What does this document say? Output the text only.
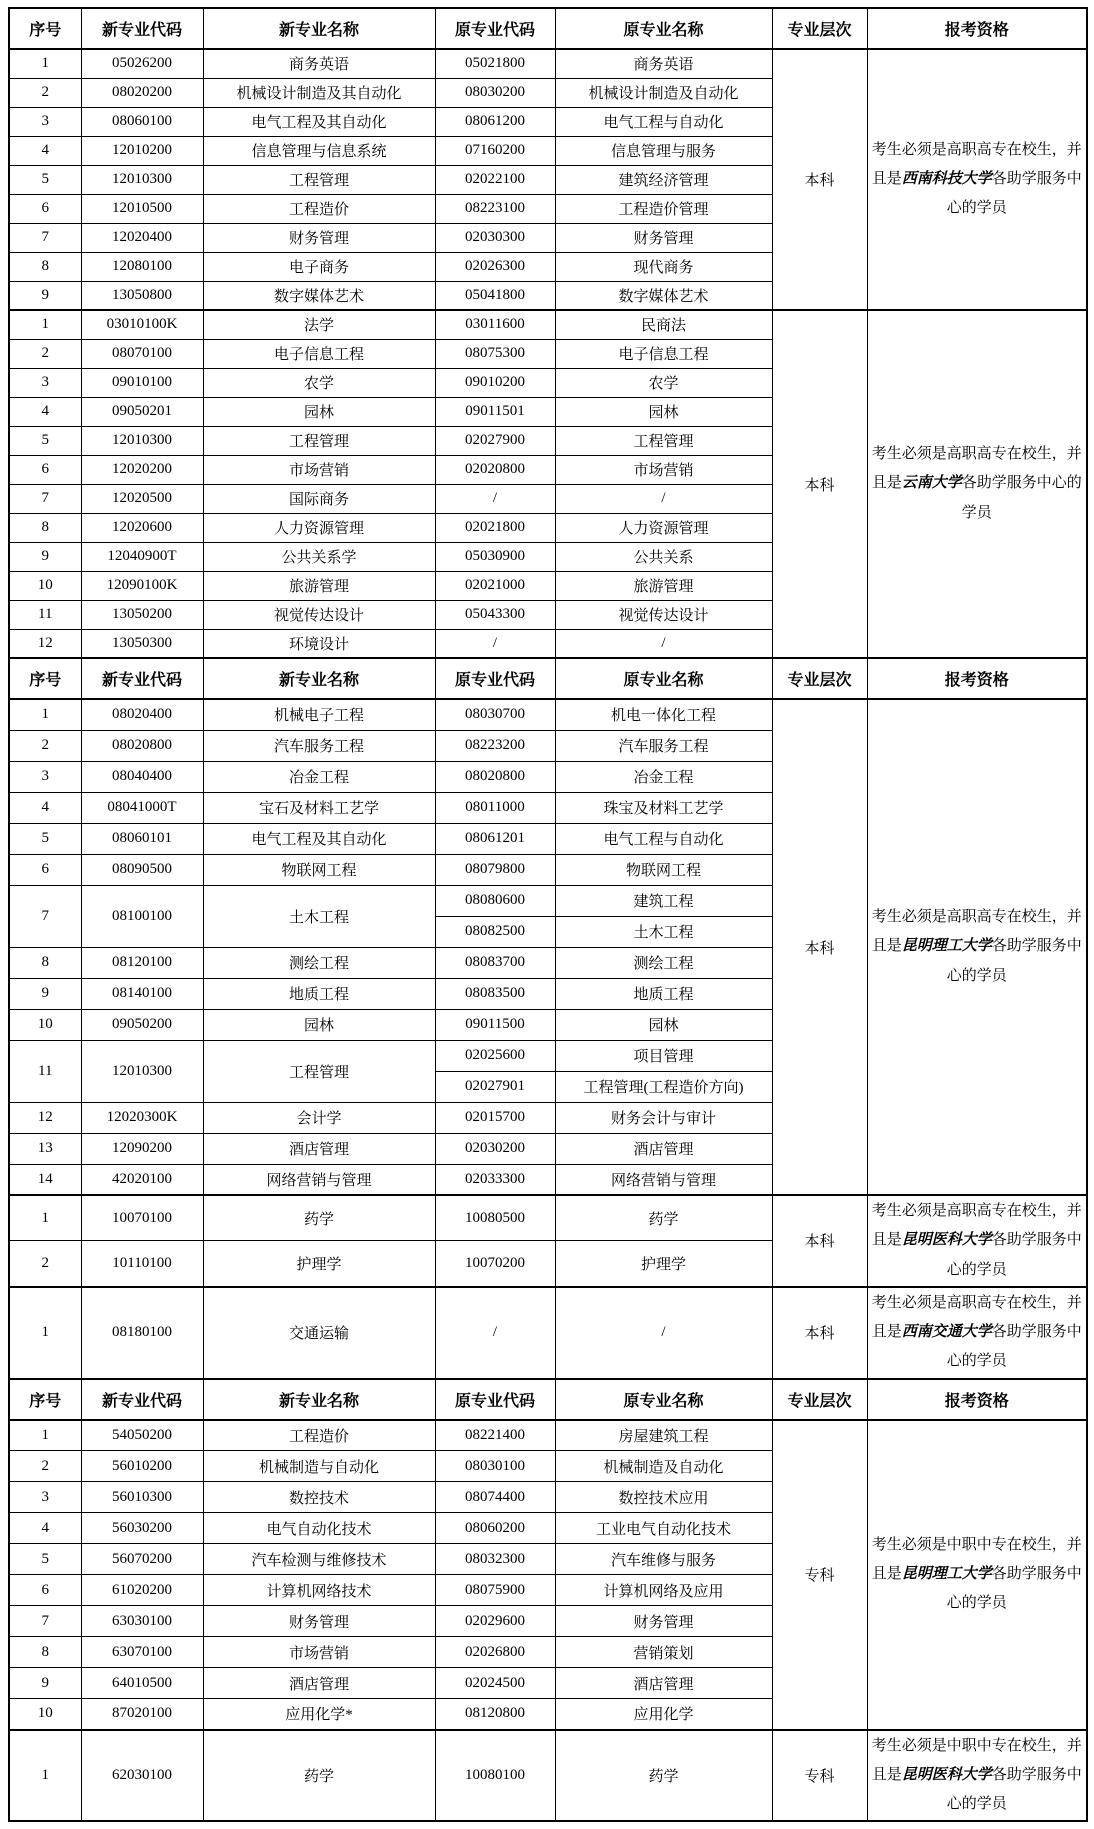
序号	新专业代码	新专业名称	原专业代码	原专业名称	专业层次	报考资格
1	05026200	商务英语	05021800	商务英语	本科	考生必须是高职高专在校生，并且是西南科技大学各助学服务中心的学员
2	08020200	机械设计制造及其自动化	08030200	机械设计制造及自动化		
3	08060100	电气工程及其自动化	08061200	电气工程与自动化		
4	12010200	信息管理与信息系统	07160200	信息管理与服务		
5	12010300	工程管理	02022100	建筑经济管理		
6	12010500	工程造价	08223100	工程造价管理		
7	12020400	财务管理	02030300	财务管理		
8	12080100	电子商务	02026300	现代商务		
9	13050800	数字媒体艺术	05041800	数字媒体艺术		
1	03010100K	法学	03011600	民商法	本科	考生必须是高职高专在校生，并且是云南大学各助学服务中心的学员
2	08070100	电子信息工程	08075300	电子信息工程		
3	09010100	农学	09010200	农学		
4	09050201	园林	09011501	园林		
5	12010300	工程管理	02027900	工程管理		
6	12020200	市场营销	02020800	市场营销		
7	12020500	国际商务	/	/		
8	12020600	人力资源管理	02021800	人力资源管理		
9	12040900T	公共关系学	05030900	公共关系		
10	12090100K	旅游管理	02021000	旅游管理		
11	13050200	视觉传达设计	05043300	视觉传达设计		
12	13050300	环境设计	/	/		
序号	新专业代码	新专业名称	原专业代码	原专业名称	专业层次	报考资格
1	08020400	机械电子工程	08030700	机电一体化工程	本科	考生必须是高职高专在校生，并且是昆明理工大学各助学服务中心的学员
2	08020800	汽车服务工程	08223200	汽车服务工程		
3	08040400	冶金工程	08020800	冶金工程		
4	08041000T	宝石及材料工艺学	08011000	珠宝及材料工艺学		
5	08060101	电气工程及其自动化	08061201	电气工程与自动化		
6	08090500	物联网工程	08079800	物联网工程		
7	08100100	土木工程	08080600	建筑工程		
			08082500	土木工程		
8	08120100	测绘工程	08083700	测绘工程		
9	08140100	地质工程	08083500	地质工程		
10	09050200	园林	09011500	园林		
11	12010300	工程管理	02025600	项目管理		
			02027901	工程管理(工程造价方向)		
12	12020300K	会计学	02015700	财务会计与审计		
13	12090200	酒店管理	02030200	酒店管理		
14	42020100	网络营销与管理	02033300	网络营销与管理		
1	10070100	药学	10080500	药学	本科	考生必须是高职高专在校生，并且是昆明医科大学各助学服务中心的学员
2	10110100	护理学	10070200	护理学		
1	08180100	交通运输	/	/	本科	考生必须是高职高专在校生，并且是西南交通大学各助学服务中心的学员
序号	新专业代码	新专业名称	原专业代码	原专业名称	专业层次	报考资格
1	54050200	工程造价	08221400	房屋建筑工程	专科	考生必须是中职中专在校生，并且是昆明理工大学各助学服务中心的学员
2	56010200	机械制造与自动化	08030100	机械制造及自动化		
3	56010300	数控技术	08074400	数控技术应用		
4	56030200	电气自动化技术	08060200	工业电气自动化技术		
5	56070200	汽车检测与维修技术	08032300	汽车维修与服务		
6	61020200	计算机网络技术	08075900	计算机网络及应用		
7	63030100	财务管理	02029600	财务管理		
8	63070100	市场营销	02026800	营销策划		
9	64010500	酒店管理	02024500	酒店管理		
10	87020100	应用化学*	08120800	应用化学		
1	62030100	药学	10080100	药学	专科	考生必须是中职中专在校生，并且是昆明医科大学各助学服务中心的学员
